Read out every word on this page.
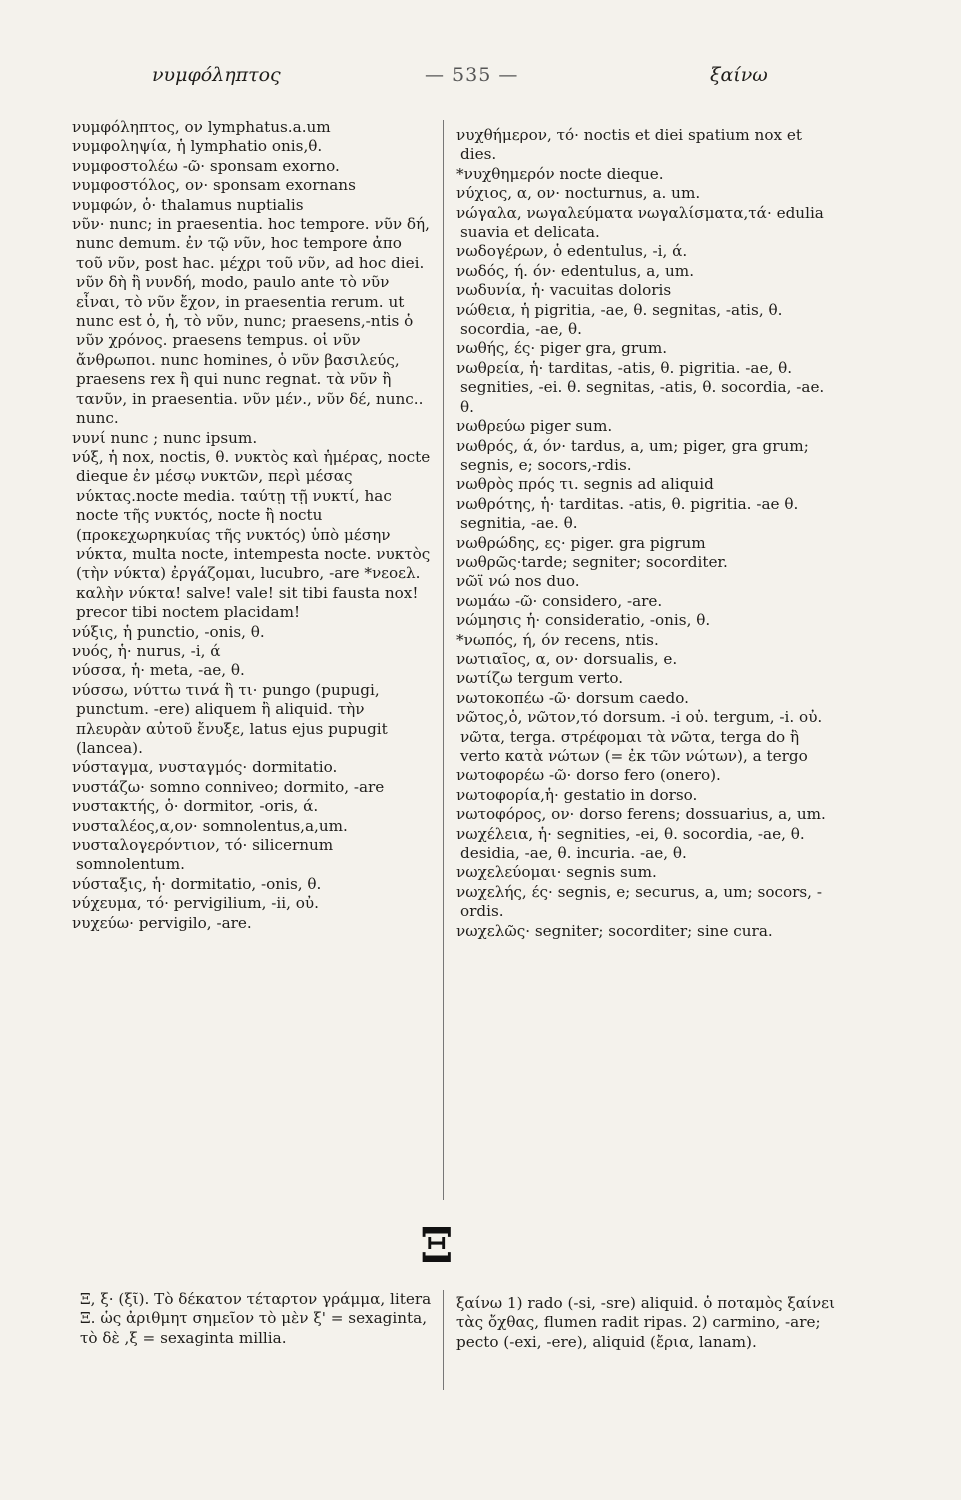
νυμφόληπτος	— 535 —	ξαίνω

νυμφόληπτος, ον lymphatus.a.um

νυμφοληψία, ἡ lymphatio onis,θ.

νυμφοστολέω -ῶ· sponsam exorno.

νυμφοστόλος, ον· sponsam exornans

νυμφών, ὁ· thalamus nuptialis

νῦν· nunc; in praesentia. hoc tempore. νῦν δή, nunc demum. ἐν τῷ νῦν, hoc tempore ἀπο τοῦ νῦν, post hac. μέχρι τοῦ νῦν, ad hoc diei. νῦν δὴ ἢ νυνδή, modo, paulo ante τὸ νῦν εἶναι, τὸ νῦν ἔχον, in praesentia rerum. ut nunc est ὁ, ἡ, τὸ νῦν, nunc; praesens,-ntis ὁ νῦν χρόνος. praesens tempus. οἱ νῦν ἄνθρωποι. nunc homines, ὁ νῦν βασιλεύς, praesens rex ἢ qui nunc regnat. τὰ νῦν ἢ τανῦν, in praesentia. νῦν μέν., νῦν δέ, nunc.. nunc.

νυνί nunc ; nunc ipsum.

νύξ, ἡ nox, noctis, θ. νυκτὸς καὶ ἡμέρας, nocte dieque ἐν μέσῳ νυκτῶν, περὶ μέσας νύκτας.nocte media. ταύτῃ τῇ νυκτί, hac nocte τῆς νυκτός, nocte ἢ noctu (προκεχωρηκυίας τῆς νυκτός) ὑπὸ μέσην νύκτα, multa nocte, intempesta nocte. νυκτὸς (τὴν νύκτα) ἐργάζομαι, lucubro, -are *νεοελ. καλὴν νύκτα! salve! vale! sit tibi fausta nox! precor tibi noctem placidam!

νύξις, ἡ punctio, -onis, θ.

νυός, ἡ· nurus, -i, ά

νύσσα, ἡ· meta, -ae, θ.

νύσσω, νύττω τινά ἢ τι· pungo (pupugi, punctum. -ere) aliquem ἢ aliquid. τὴν πλευρὰν αὐτοῦ ἔνυξε, latus ejus pupugit (lancea).

νύσταγμα, νυσταγμός· dormitatio.

νυστάζω· somno conniveo; dormito, -are

νυστακτής, ὁ· dormitor, -oris, ά.

νυσταλέος,α,ον· somnolentus,a,um.

νυσταλογερόντιον, τό· silicernum somnolentum.

νύσταξις, ἡ· dormitatio, -onis, θ.

νύχευμα, τό· pervigilium, -ii, οὐ.

νυχεύω· pervigilo, -are.

νυχθήμερον, τό· noctis et diei spatium nox et dies.

*νυχθημερόν nocte dieque.

νύχιος, α, ον· nocturnus, a. um.

νώγαλα, νωγαλεύματα νωγαλίσματα,τά· edulia suavia et delicata.

νωδογέρων, ὁ edentulus, -i, ά.

νωδός, ή. όν· edentulus, a, um.

νωδυνία, ἡ· vacuitas doloris

νώθεια, ἡ pigritia, -ae, θ. segnitas, -atis, θ. socordia, -ae, θ.

νωθής, ές· piger gra, grum.

νωθρεία, ἡ· tarditas, -atis, θ. pigritia. -ae, θ. segnities, -ei. θ. segnitas, -atis, θ. socordia, -ae. θ.

νωθρεύω piger sum.

νωθρός, ά, όν· tardus, a, um; piger, gra grum; segnis, e; socors,-rdis.

νωθρὸς πρός τι. segnis ad aliquid

νωθρότης, ἡ· tarditas. -atis, θ. pigritia. -ae θ. segnitia, -ae. θ.

νωθρώδης, ες· piger. gra pigrum

νωθρῶς·tarde; segniter; socorditer.

νῶϊ νώ nos duo.

νωμάω -ῶ· considero, -are.

νώμησις ἡ· consideratio, -onis, θ.

*νωπός, ή, όν recens, ntis.

νωτιαῖος, α, ον· dorsualis, e.

νωτίζω tergum verto.

νωτοκοπέω -ῶ· dorsum caedo.

νῶτος,ὁ, νῶτον,τό dorsum. -i οὐ. tergum, -i. οὐ. νῶτα, terga. στρέφομαι τὰ νῶτα, terga do ἢ verto κατὰ νώτων (= ἐκ τῶν νώτων), a tergo

νωτοφορέω -ῶ· dorso fero (onero).

νωτοφορία,ἡ· gestatio in dorso.

νωτοφόρος, ον· dorso ferens; dossuarius, a, um.

νωχέλεια, ἡ· segnities, -ei, θ. socordia, -ae, θ. desidia, -ae, θ. incuria. -ae, θ.

νωχελεύομαι· segnis sum.

νωχελής, ές· segnis, e; securus, a, um; socors, -ordis.

νωχελῶς· segniter; socorditer; sine cura.

Ξ

Ξ, ξ· (ξῖ). Τὸ δέκατον τέταρτον γράμμα, litera Ξ. ὡς ἀριθμητ σημεῖον τὸ μὲν ξ' = sexaginta, τὸ δὲ ,ξ = sexaginta millia.

ξαίνω 1) rado (-si, -sre) aliquid. ὁ ποταμὸς ξαίνει τὰς ὄχθας, flumen radit ripas. 2) carmino, -are; pecto (-exi, -ere), aliquid (ἔρια, lanam).
